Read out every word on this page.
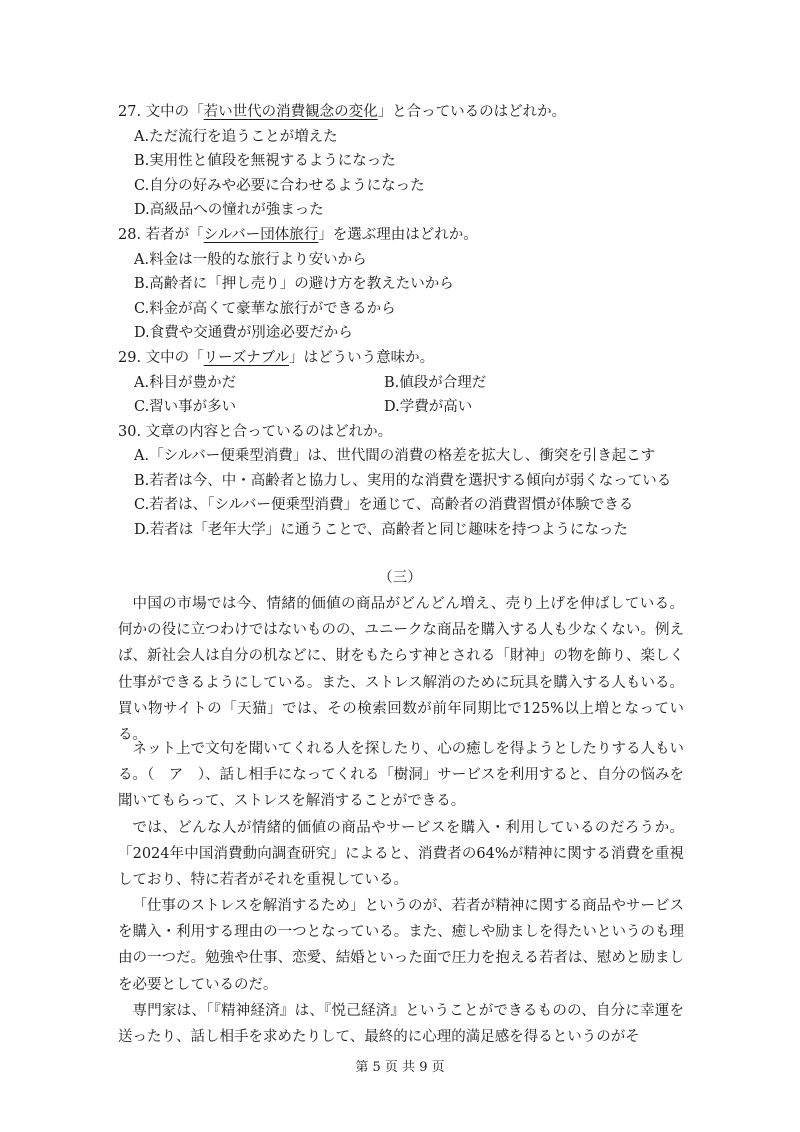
27. 文中の「若い世代の消費観念の変化」と合っているのはどれか。
A.ただ流行を追うことが増えた
B.実用性と値段を無視するようになった
C.自分の好みや必要に合わせるようになった
D.高級品への憧れが強まった
28. 若者が「シルバー団体旅行」を選ぶ理由はどれか。
A.料金は一般的な旅行より安いから
B.高齢者に「押し売り」の避け方を教えたいから
C.料金が高くて豪華な旅行ができるから
D.食費や交通費が別途必要だから
29. 文中の「リーズナブル」はどういう意味か。
A.科目が豊かだ	B.値段が合理だ
C.習い事が多い	D.学費が高い
30. 文章の内容と合っているのはどれか。
A.「シルバー便乗型消費」は、世代間の消費の格差を拡大し、衝突を引き起こす
B.若者は今、中・高齢者と協力し、実用的な消費を選択する傾向が弱くなっている
C.若者は、「シルバー便乗型消費」を通じて、高齢者の消費習慣が体験できる
D.若者は「老年大学」に通うことで、高齢者と同じ趣味を持つようになった
（三）
中国の市場では今、情緒的価値の商品がどんどん増え、売り上げを伸ばしている。何かの役に立つわけではないものの、ユニークな商品を購入する人も少なくない。例えば、新社会人は自分の机などに、財をもたらす神とされる「財神」の物を飾り、楽しく仕事ができるようにしている。また、ストレス解消のために玩具を購入する人もいる。買い物サイトの「天猫」では、その検索回数が前年同期比で125%以上増となっている。
ネット上で文句を聞いてくれる人を探したり、心の癒しを得ようとしたりする人もいる。（　ア　）、話し相手になってくれる「樹洞」サービスを利用すると、自分の悩みを聞いてもらって、ストレスを解消することができる。
では、どんな人が情緒的価値の商品やサービスを購入・利用しているのだろうか。「2024年中国消費動向調査研究」によると、消費者の64%が精神に関する消費を重視しており、特に若者がそれを重視している。
「仕事のストレスを解消するため」というのが、若者が精神に関する商品やサービスを購入・利用する理由の一つとなっている。また、癒しや励ましを得たいというのも理由の一つだ。勉強や仕事、恋愛、結婚といった面で圧力を抱える若者は、慰めと励ましを必要としているのだ。
専門家は、「『精神経済』は、『悦己経済』ということができるものの、自分に幸運を送ったり、話し相手を求めたりして、最終的に心理的満足感を得るというのがそ
第 5 页 共 9 页
